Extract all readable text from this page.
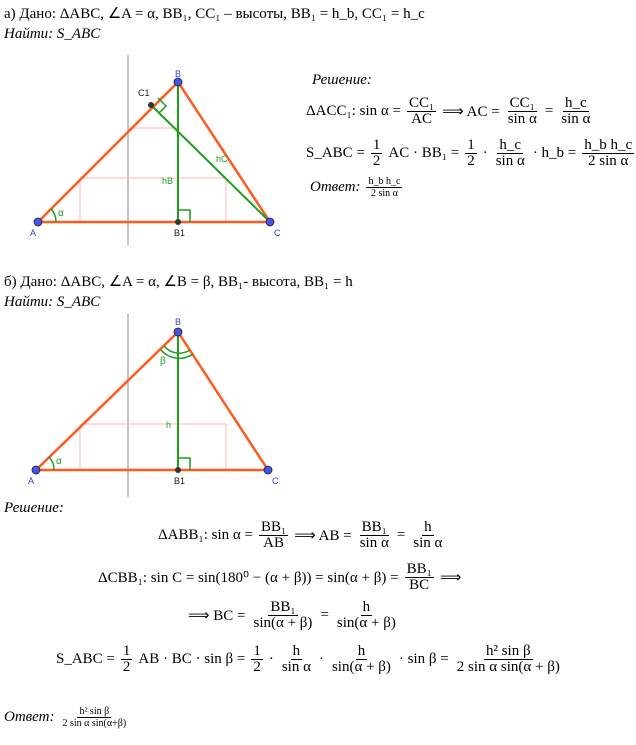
а) Дано: ΔABC, ∠A = α, BB₁, CC₁ – высоты, BB₁ = h_b, CC₁ = h_c
Найти: S_ABC
A
B
C
C1
B1
α
hB
hC
Решение:
ΔACC₁: $\sin \alpha = \frac{\text{CC₁}}{AC}$ ⟹ AC = $\frac{\text{CC₁}}{\text{sin α}} = \frac{h\_c}{\text{sin α}}$
S_ABC = $\frac{1}{2}$ AC · $BB_1 = \frac{1}{2} \cdot \frac{h\_c}{\text{sin α}}$ · h_b = $\frac{\text{h\_b h\_c}}{\text{2 sin α}}$
Ответ: $\frac{\text{h\_b h\_c}}{\text{2 sin α}}$
б) Дано: ΔABC, ∠A = α, ∠B = β, BB₁- высота, BB₁ = h
Найти: S_ABC
A
B
C
B1
α
β
h
Решение:
ΔABB₁: $\sin \alpha = \frac{\text{BB₁}}{AB}$ ⟹ AB = $\frac{\text{BB₁}}{\text{sin α}} = \frac{h}{\text{sin α}}$
ΔCBB₁: $\sin C = \sin(180^0 - (\alpha + \beta)) = \sin(\alpha + \beta) = \frac{\text{BB₁}}{BC}$ ⟹
⟹ BC = $\frac{\text{BB₁}}{\sin(\alpha + \beta)} = \frac{h}{\sin(\alpha + \beta)}$
S_ABC = $\frac{1}{2}$ AB · BC · $\sin \beta = \frac{1}{2} \cdot \frac{h}{\text{sin α}} \cdot \frac{h}{\sin(\alpha + \beta)} \cdot \sin \beta = \frac{\text{h² sin β}}{\text{2 sin α sin(α + β)}}$
Ответ: $\frac{\text{h² sin β}}{\text{2 sin α sin(α+β)}}$
